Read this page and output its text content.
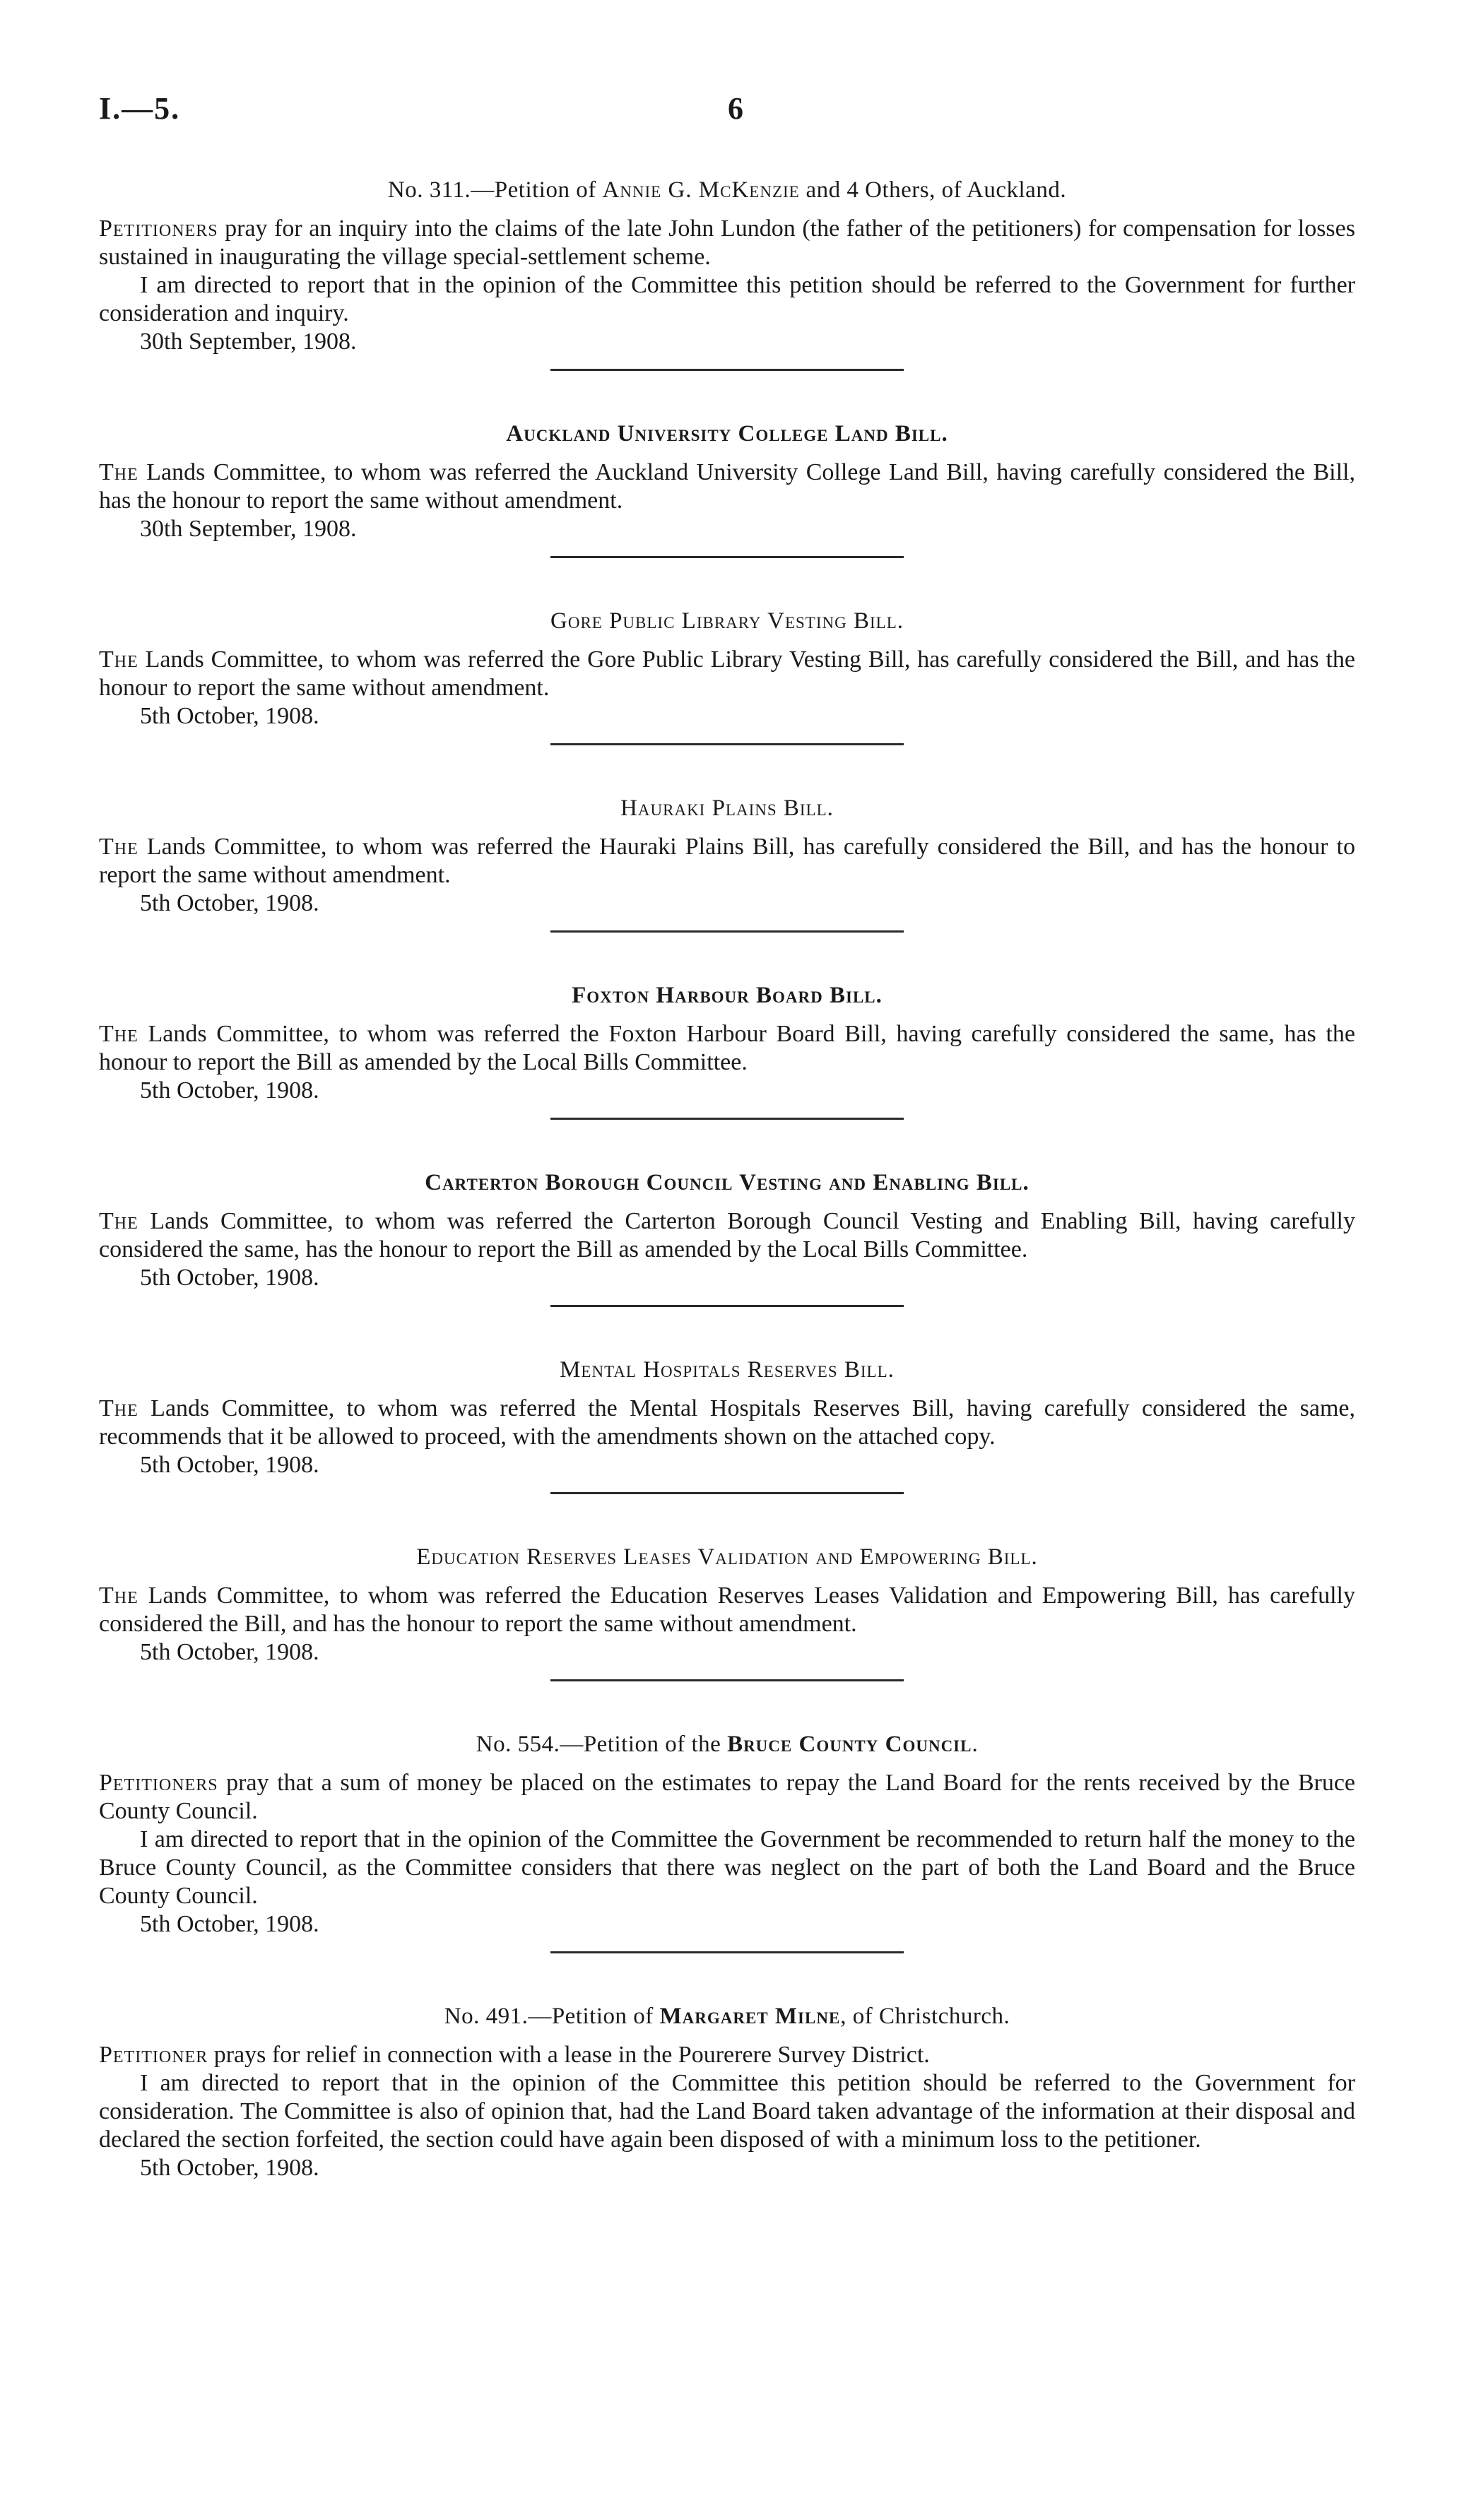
I.—5.	6
No. 311.—Petition of Annie G. McKenzie and 4 Others, of Auckland.

Petitioners pray for an inquiry into the claims of the late John Lundon (the father of the petitioners) for compensation for losses sustained in inaugurating the village special-settlement scheme.

I am directed to report that in the opinion of the Committee this petition should be referred to the Government for further consideration and inquiry.

30th September, 1908.

Auckland University College Land Bill.

The Lands Committee, to whom was referred the Auckland University College Land Bill, having carefully considered the Bill, has the honour to report the same without amendment.

30th September, 1908.

Gore Public Library Vesting Bill.

The Lands Committee, to whom was referred the Gore Public Library Vesting Bill, has carefully considered the Bill, and has the honour to report the same without amendment.

5th October, 1908.

Hauraki Plains Bill.

The Lands Committee, to whom was referred the Hauraki Plains Bill, has carefully considered the Bill, and has the honour to report the same without amendment.

5th October, 1908.

Foxton Harbour Board Bill.

The Lands Committee, to whom was referred the Foxton Harbour Board Bill, having carefully considered the same, has the honour to report the Bill as amended by the Local Bills Committee.

5th October, 1908.

Carterton Borough Council Vesting and Enabling Bill.

The Lands Committee, to whom was referred the Carterton Borough Council Vesting and Enabling Bill, having carefully considered the same, has the honour to report the Bill as amended by the Local Bills Committee.

5th October, 1908.

Mental Hospitals Reserves Bill.

The Lands Committee, to whom was referred the Mental Hospitals Reserves Bill, having carefully considered the same, recommends that it be allowed to proceed, with the amendments shown on the attached copy.

5th October, 1908.

Education Reserves Leases Validation and Empowering Bill.

The Lands Committee, to whom was referred the Education Reserves Leases Validation and Empowering Bill, has carefully considered the Bill, and has the honour to report the same without amendment.

5th October, 1908.

No. 554.—Petition of the Bruce County Council.

Petitioners pray that a sum of money be placed on the estimates to repay the Land Board for the rents received by the Bruce County Council.

I am directed to report that in the opinion of the Committee the Government be recommended to return half the money to the Bruce County Council, as the Committee considers that there was neglect on the part of both the Land Board and the Bruce County Council.

5th October, 1908.

No. 491.—Petition of Margaret Milne, of Christchurch.

Petitioner prays for relief in connection with a lease in the Pourerere Survey District.

I am directed to report that in the opinion of the Committee this petition should be referred to the Government for consideration. The Committee is also of opinion that, had the Land Board taken advantage of the information at their disposal and declared the section forfeited, the section could have again been disposed of with a minimum loss to the petitioner.

5th October, 1908.
